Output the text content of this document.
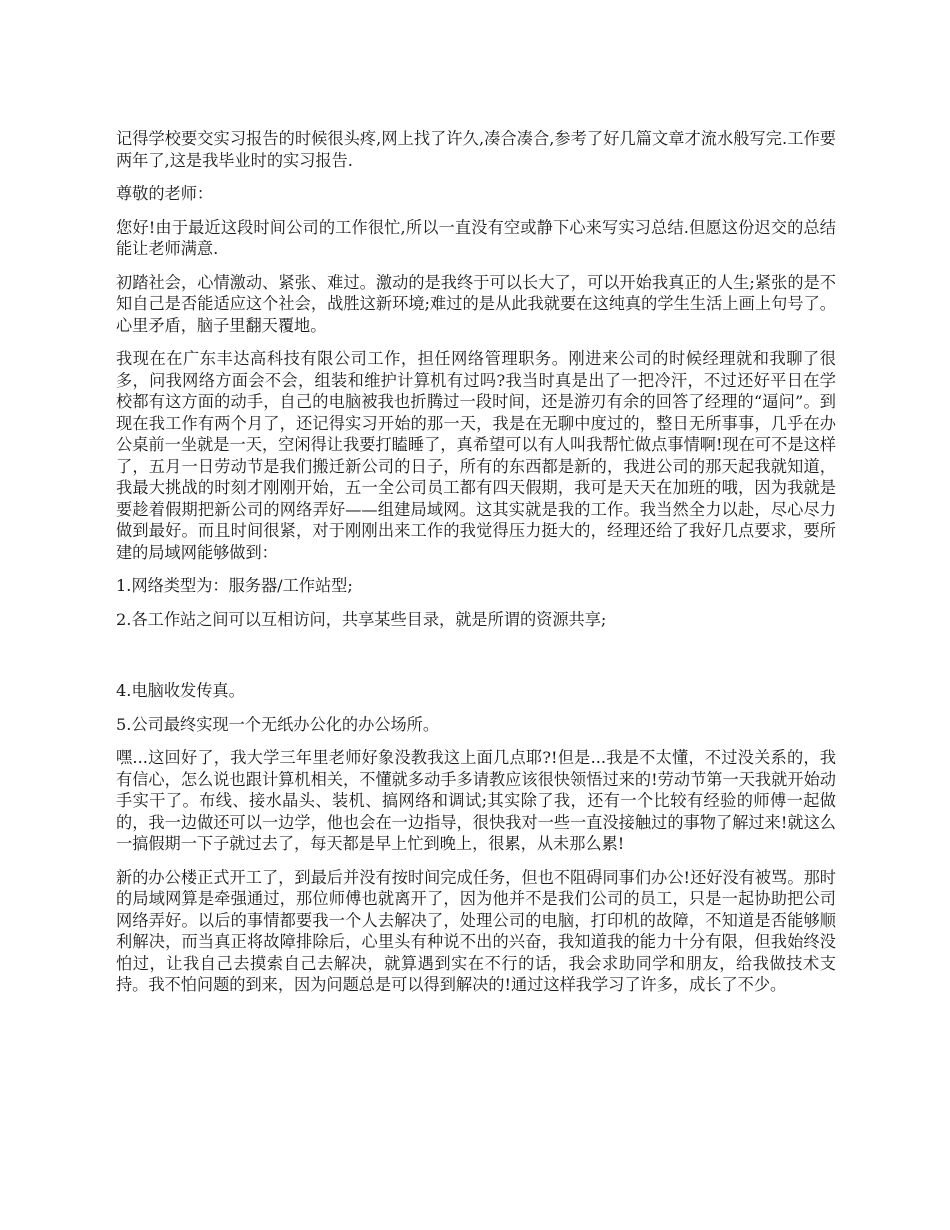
记得学校要交实习报告的时候很头疼,网上找了许久,凑合凑合,参考了好几篇文章才流水般写完.工作要两年了,这是我毕业时的实习报告.

尊敬的老师：

您好!由于最近这段时间公司的工作很忙,所以一直没有空或静下心来写实习总结.但愿这份迟交的总结能让老师满意.

初踏社会，心情激动、紧张、难过。激动的是我终于可以长大了，可以开始我真正的人生;紧张的是不知自己是否能适应这个社会，战胜这新环境;难过的是从此我就要在这纯真的学生生活上画上句号了。心里矛盾，脑子里翻天覆地。

我现在在广东丰达高科技有限公司工作，担任网络管理职务。刚进来公司的时候经理就和我聊了很多，问我网络方面会不会，组装和维护计算机有过吗?我当时真是出了一把冷汗，不过还好平日在学校都有这方面的动手，自己的电脑被我也折腾过一段时间，还是游刃有余的回答了经理的“逼问”。到现在我工作有两个月了，还记得实习开始的那一天，我是在无聊中度过的，整日无所事事，几乎在办公桌前一坐就是一天，空闲得让我要打瞌睡了，真希望可以有人叫我帮忙做点事情啊!现在可不是这样了，五月一日劳动节是我们搬迁新公司的日子，所有的东西都是新的，我进公司的那天起我就知道，我最大挑战的时刻才刚刚开始，五一全公司员工都有四天假期，我可是天天在加班的哦，因为我就是要趁着假期把新公司的网络弄好——组建局域网。这其实就是我的工作。我当然全力以赴，尽心尽力做到最好。而且时间很紧，对于刚刚出来工作的我觉得压力挺大的，经理还给了我好几点要求，要所建的局域网能够做到：

1.网络类型为：服务器/工作站型;

2.各工作站之间可以互相访问，共享某些目录，就是所谓的资源共享;

4.电脑收发传真。

5.公司最终实现一个无纸办公化的办公场所。

嘿...这回好了，我大学三年里老师好象没教我这上面几点耶?!但是...我是不太懂，不过没关系的，我有信心，怎么说也跟计算机相关，不懂就多动手多请教应该很快领悟过来的!劳动节第一天我就开始动手实干了。布线、接水晶头、装机、搞网络和调试;其实除了我，还有一个比较有经验的师傅一起做的，我一边做还可以一边学，他也会在一边指导，很快我对一些一直没接触过的事物了解过来!就这么一搞假期一下子就过去了，每天都是早上忙到晚上，很累，从未那么累!

新的办公楼正式开工了，到最后并没有按时间完成任务，但也不阻碍同事们办公!还好没有被骂。那时的局域网算是牵强通过，那位师傅也就离开了，因为他并不是我们公司的员工，只是一起协助把公司网络弄好。以后的事情都要我一个人去解决了，处理公司的电脑，打印机的故障，不知道是否能够顺利解决，而当真正将故障排除后，心里头有种说不出的兴奋，我知道我的能力十分有限，但我始终没怕过，让我自己去摸索自己去解决，就算遇到实在不行的话，我会求助同学和朋友，给我做技术支持。我不怕问题的到来，因为问题总是可以得到解决的!通过这样我学习了许多，成长了不少。
